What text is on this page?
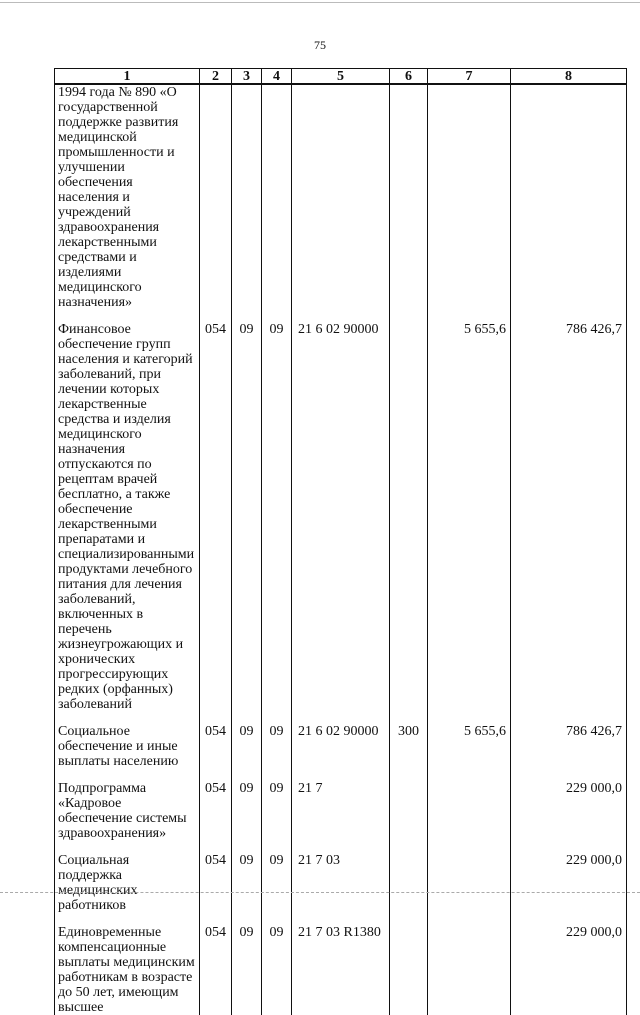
75
1	2	3	4	5	6	7	8
1994 года № 890 «О государственной поддержке развития медицинской промышленности и улучшении обеспечения населения и учреждений здравоохранения лекарственными средствами и изделиями медицинского назначения»							

Финансовое обеспечение групп населения и категорий заболеваний, при лечении которых лекарственные средства и изделия медицинского назначения отпускаются по рецептам врачей бесплатно, а также обеспечение лекарственными препаратами и специализированными продуктами лечебного питания для лечения заболеваний, включенных в перечень жизнеугрожающих и хронических прогрессирующих редких (орфанных) заболеваний	054	09	09	21 6 02 90000		5 655,6	786 426,7

Социальное обеспечение и иные выплаты населению	054	09	09	21 6 02 90000	300	5 655,6	786 426,7

Подпрограмма «Кадровое обеспечение системы здравоохранения»	054	09	09	21 7			229 000,0

Социальная поддержка медицинских работников	054	09	09	21 7 03			229 000,0

Единовременные компенсационные выплаты медицинским работникам в возрасте до 50 лет, имеющим высшее	054	09	09	21 7 03 R1380			229 000,0
